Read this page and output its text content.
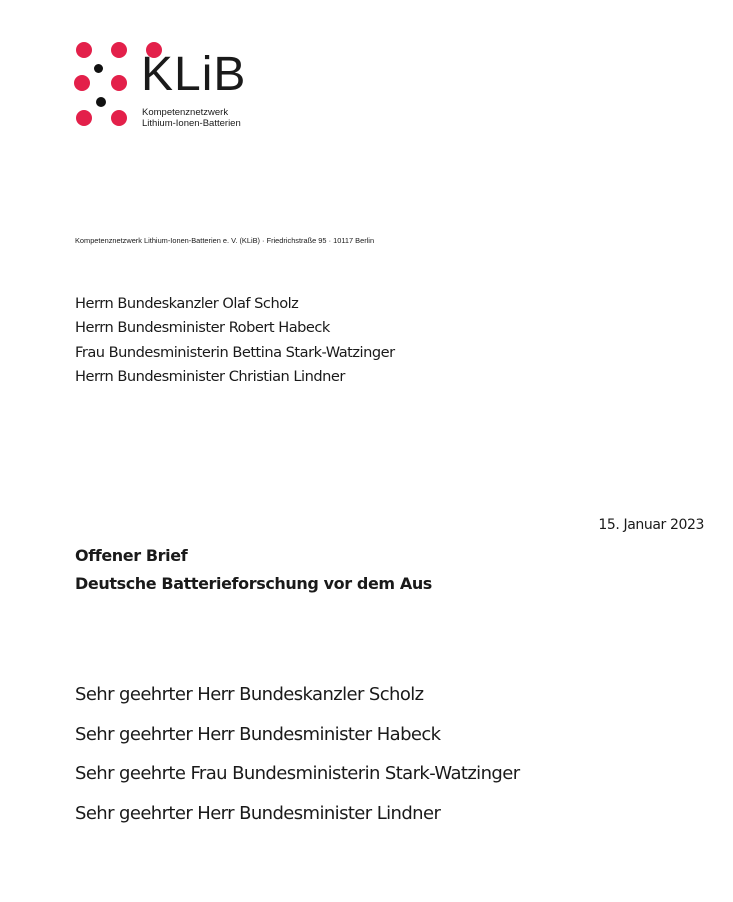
KLiB
Kompetenznetzwerk
Lithium-Ionen-Batterien
Kompetenznetzwerk Lithium-Ionen-Batterien e. V. (KLiB) · Friedrichstraße 95 · 10117 Berlin
Herrn Bundeskanzler Olaf Scholz
Herrn Bundesminister Robert Habeck
Frau Bundesministerin Bettina Stark-Watzinger
Herrn Bundesminister Christian Lindner
15. Januar 2023
Offener Brief
Deutsche Batterieforschung vor dem Aus
Sehr geehrter Herr Bundeskanzler Scholz
Sehr geehrter Herr Bundesminister Habeck
Sehr geehrte Frau Bundesministerin Stark-Watzinger
Sehr geehrter Herr Bundesminister Lindner
